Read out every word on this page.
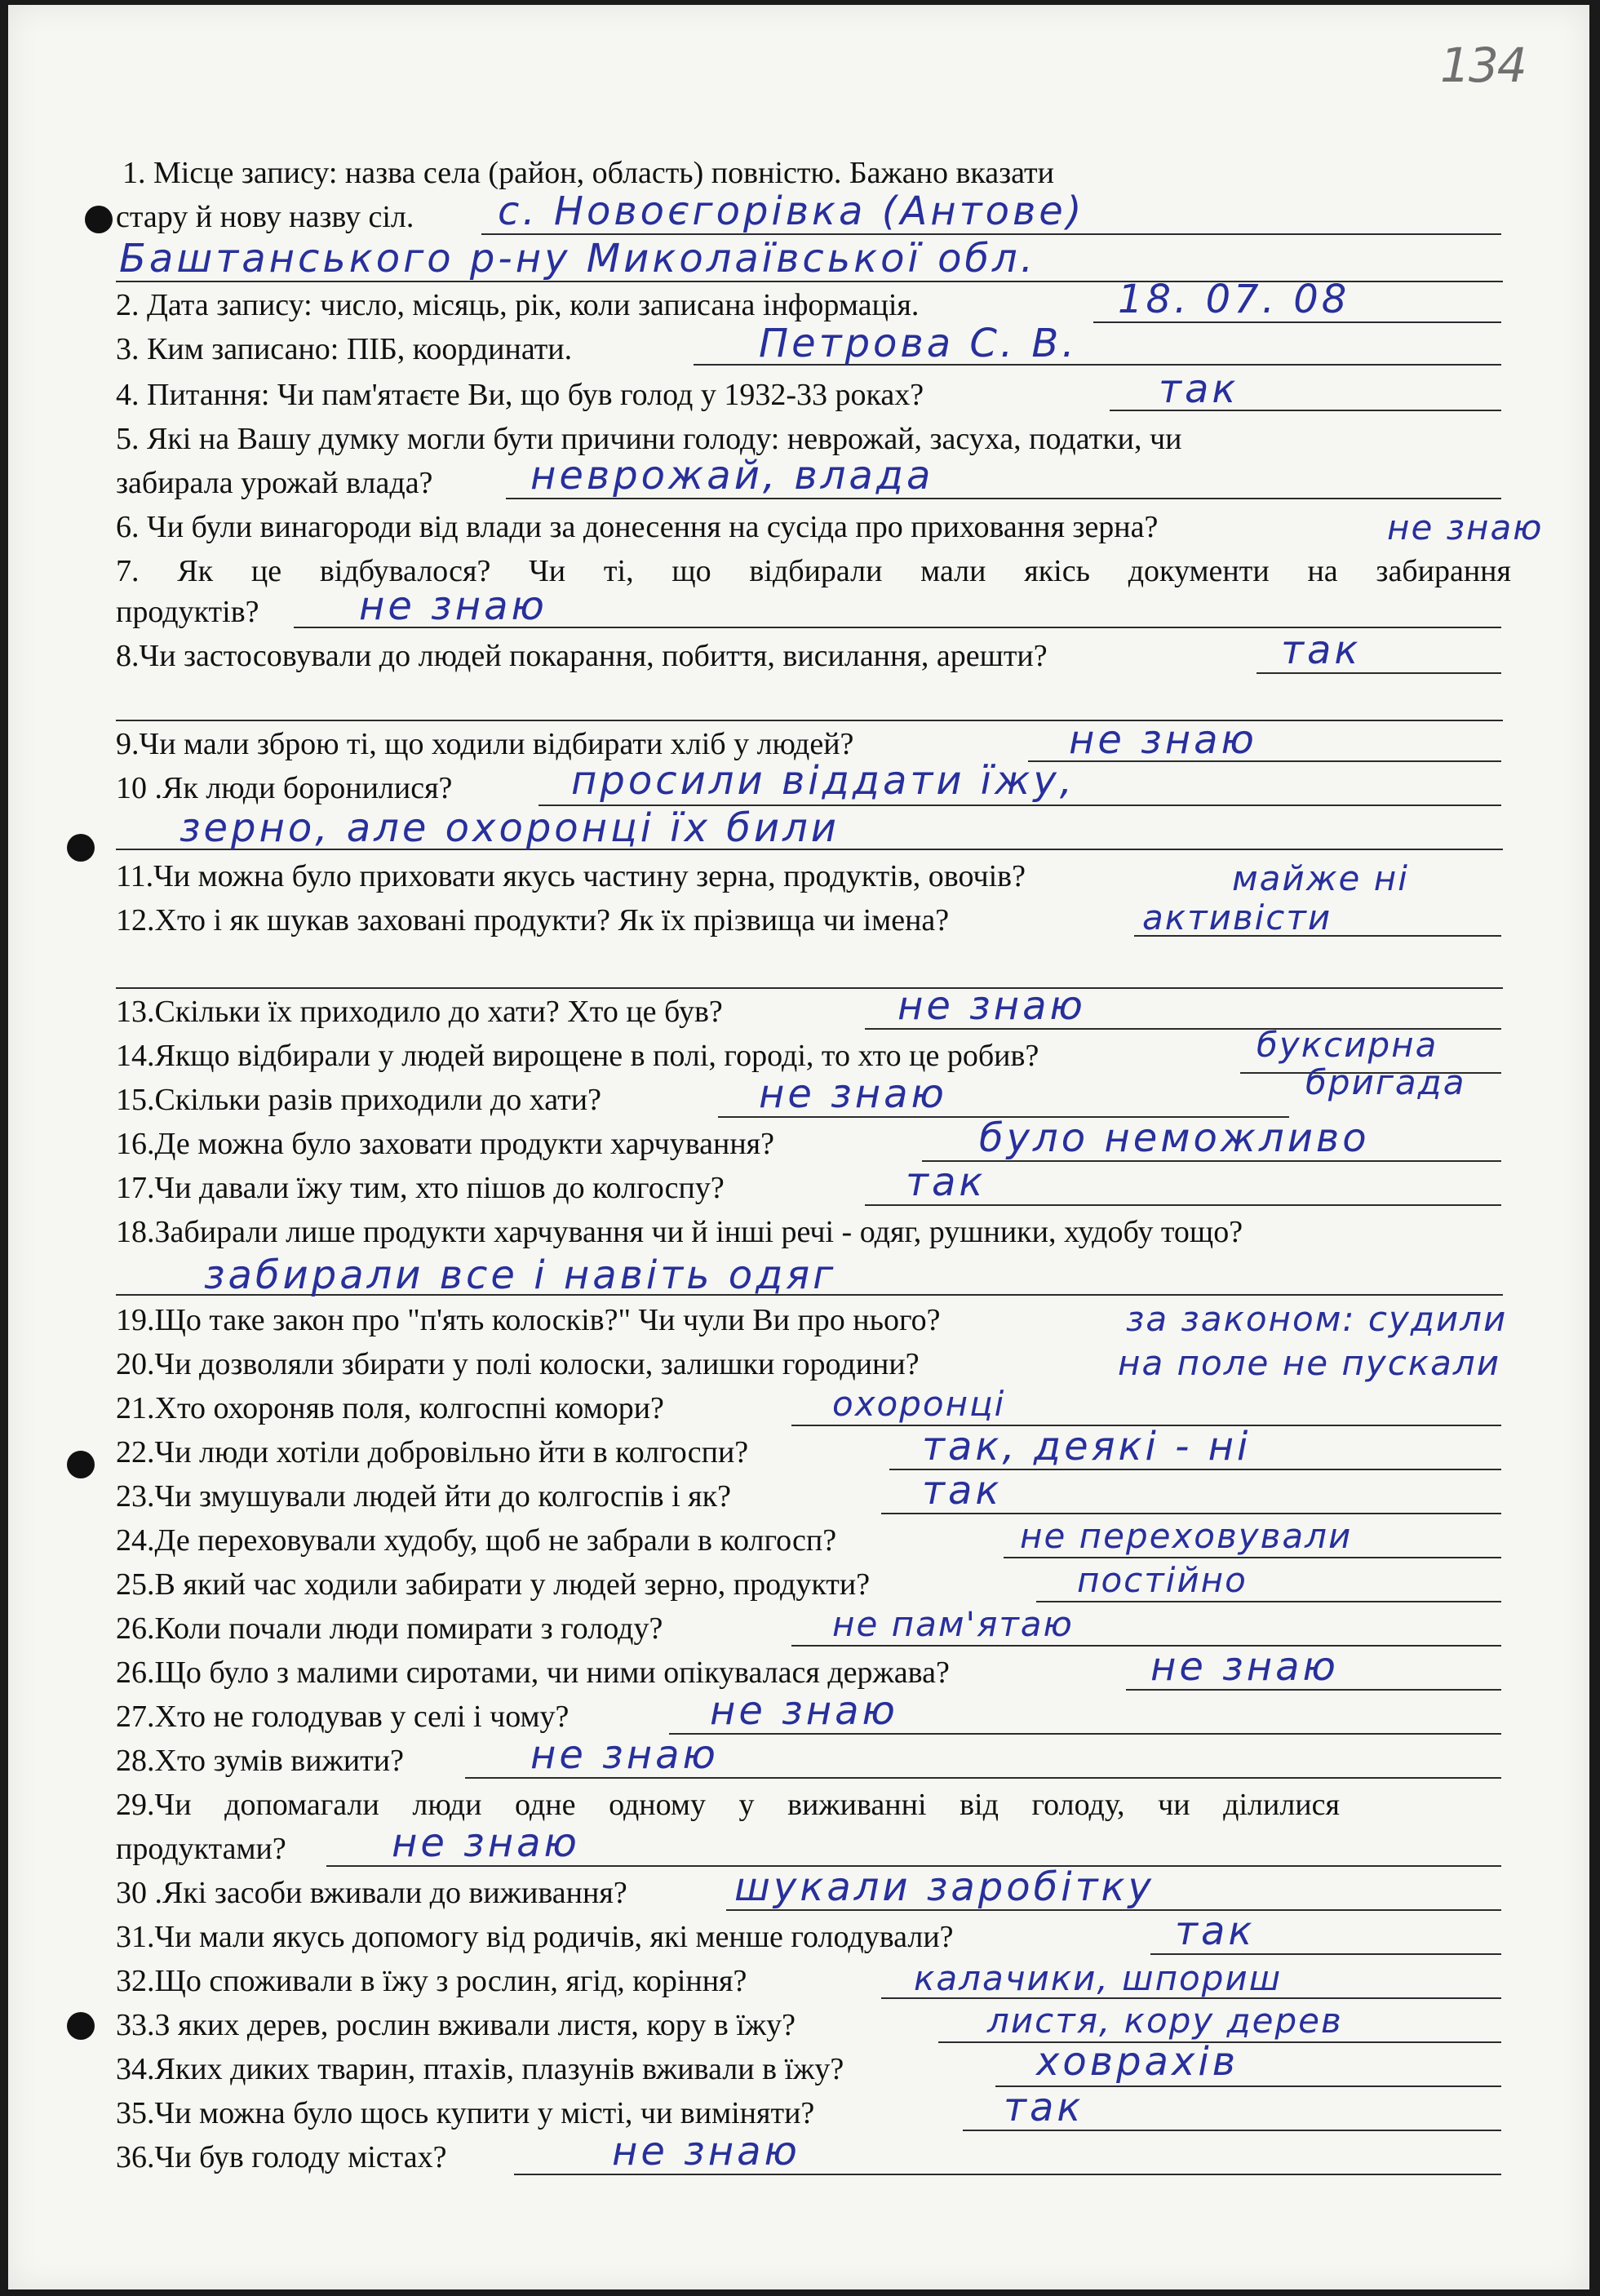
134
1. Місце запису: назва села (район, область) повністю. Бажано вказати
стару й нову назву сіл. с. Новоєгорівка (Антове)
Баштанського р-ну Миколаївської обл.
2. Дата запису: число, місяць, рік, коли записана інформація.	18. 07. 08
3. Ким записано: ПІБ, координати.	Петрова С. В.
4. Питання: Чи пам'ятаєте Ви, що був голод у 1932-33 роках?	так
5. Які на Вашу думку могли бути причини голоду: неврожай, засуха, податки, чи
забирала урожай влада? неврожай, влада
6. Чи були винагороди від влади за донесення на сусіда про приховання зерна?	не знаю
7. Як це відбувалося? Чи ті, що відбирали мали якісь документи на забирання
продуктів?	не знаю
8.Чи застосовували до людей покарання, побиття, висилання, арешти?	так
9.Чи мали зброю ті, що ходили відбирати хліб у людей?	не знаю
10 .Як люди боронилися?	просили віддати їжу,
зерно, але охоронці їх били
11.Чи можна було приховати якусь частину зерна, продуктів, овочів?	майже ні
12.Хто і як шукав заховані продукти? Як їх прізвища чи імена?	активісти
13.Скільки їх приходило до хати? Хто це був?	не знаю
14.Якщо відбирали у людей вирощене в полі, городі, то хто це робив?	буксирна
бригада
15.Скільки разів приходили до хати?	не знаю
16.Де можна було заховати продукти харчування?	було неможливо
17.Чи давали їжу тим, хто пішов до колгоспу?	так
18.Забирали лише продукти харчування чи й інші речі - одяг, рушники, худобу тощо?
забирали все і навіть одяг
19.Що таке закон про "п'ять колосків?" Чи чули Ви про нього?	за законом: судили
20.Чи дозволяли збирати у полі колоски, залишки городини?	на поле не пускали
21.Хто охороняв поля, колгоспні комори?	охоронці
22.Чи люди хотіли добровільно йти в колгоспи?	так, деякі - ні
23.Чи змушували людей йти до колгоспів і як?	так
24.Де переховували худобу, щоб не забрали в колгосп?	не переховували
25.В який час ходили забирати у людей зерно, продукти?	постійно
26.Коли почали люди помирати з голоду?	не пам'ятаю
26.Що було з малими сиротами, чи ними опікувалася держава?	не знаю
27.Хто не голодував у селі і чому?	не знаю
28.Хто зумів вижити?	не знаю
29.Чи допомагали люди одне одному у виживанні від голоду, чи ділилися
продуктами?	не знаю
30 .Які засоби вживали до виживання?	шукали заробітку
31.Чи мали якусь допомогу від родичів, які менше голодували?	так
32.Що споживали в їжу з рослин, ягід, коріння?	калачики, шпориш
33.З яких дерев, рослин вживали листя, кору в їжу?	листя, кору дерев
34.Яких диких тварин, птахів, плазунів вживали в їжу?	ховрахів
35.Чи можна було щось купити у місті, чи виміняти?	так
36.Чи був голоду містах?	не знаю
